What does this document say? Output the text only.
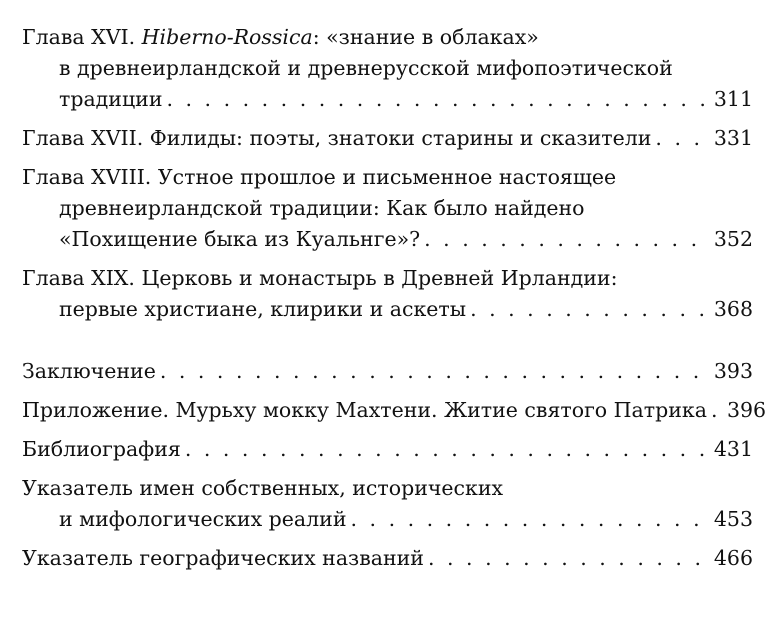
Глава XVI. Hiberno-Rossica: «знание в облаках»
в древнеирландской и древнерусской мифопоэтической
традиции . . .	311
Глава XVII. Филиды: поэты, знатоки старины и сказители . . .	331
Глава XVIII. Устное прошлое и письменное настоящее
древнеирландской традиции: Как было найдено
«Похищение быка из Куальнге»? . . .	352
Глава XIX. Церковь и монастырь в Древней Ирландии:
первые христиане, клирики и аскеты . . .	368
Заключение . . .	393
Приложение. Мурьху мокку Махтени. Житие святого Патрика . . . 396
Библиография . . .	431
Указатель имен собственных, исторических
и мифологических реалий . . .	453
Указатель географических названий . . .	466
